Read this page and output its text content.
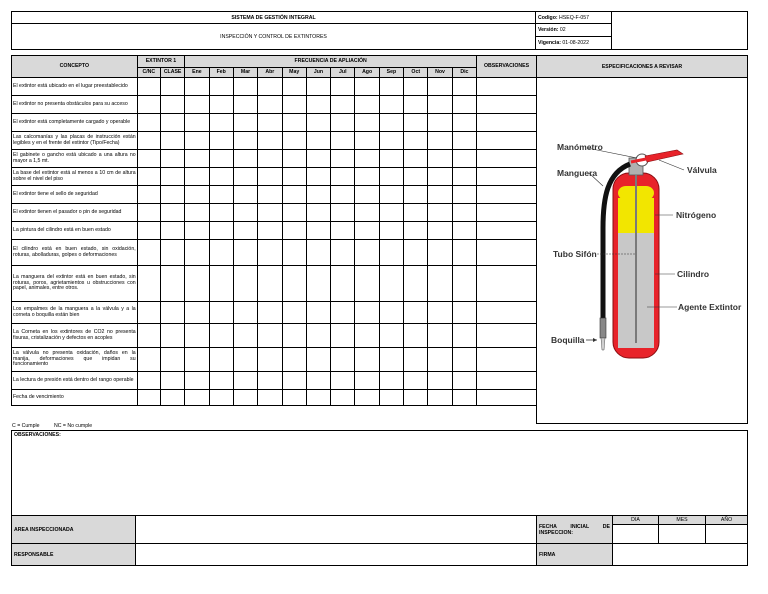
SISTEMA DE GESTIÓN INTEGRAL
INSPECCIÓN Y CONTROL DE EXTINTORES
Codigo:
HSEQ-F-057
Versión:
02
Vigencia:
01-08-2022
CONCEPTO	EXTINTOR 1		FRECUENCIA DE APLIACIÓN												OBSERVACIONES
	C/NC	CLASE	Ene	Feb	Mar	Abr	May	Jun	Jul	Ago	Sep	Oct	Nov	Dic	
El extintor está ubicado en el lugar preestablecido															
El extintor no presenta obstáculos para su acceso															
El extintor está completamente cargado y operable															
Las calcomanías y las placas de instrucción están legibles y en el frente del extintor (Tipo/Fecha)															
El gabinete o gancho está ubicado a una altura no mayor a 1,5 mt.															
La base del extintor está al menos a 10 cm de altura sobre el nivel del piso															
El extintor tiene el sello de seguridad															
El extintor tienen el pasador o pin de seguridad															
La pintura del cilindro está en buen estado															
El cilindro está en buen estado, sin oxidación, roturas, abolladuras, golpes o deformaciones															
La manguera del extintor está en buen estado, sin roturas, poros, agrietamientos u obstrucciones con papel, animales, entre otros.															
Los empalmes de la manguera a la válvula y a la corneta o boquilla están bien															
La Corneta en los extintores de CO2 no presenta fisuras, cristalización y defectos en acoples															
La válvula no presenta oxidación, daños en la manija, deformaciones que impidan su funcionamiento															
La lectura de presión está dentro del rango operable															
Fecha de vencimiento															
ESPECIFICACIONES A REVISAR
Manómetro
Manguera	Válvula
Nitrógeno
Tubo Sifón
Cilindro
Agente Extintor
Boquilla
C = Cumple          NC = No cumple
OBSERVACIONES:
AREA INSPECCIONADA
RESPONSABLE
FECHA INICIAL DE INSPECCION:
DIA	MES	AÑO
FIRMA
